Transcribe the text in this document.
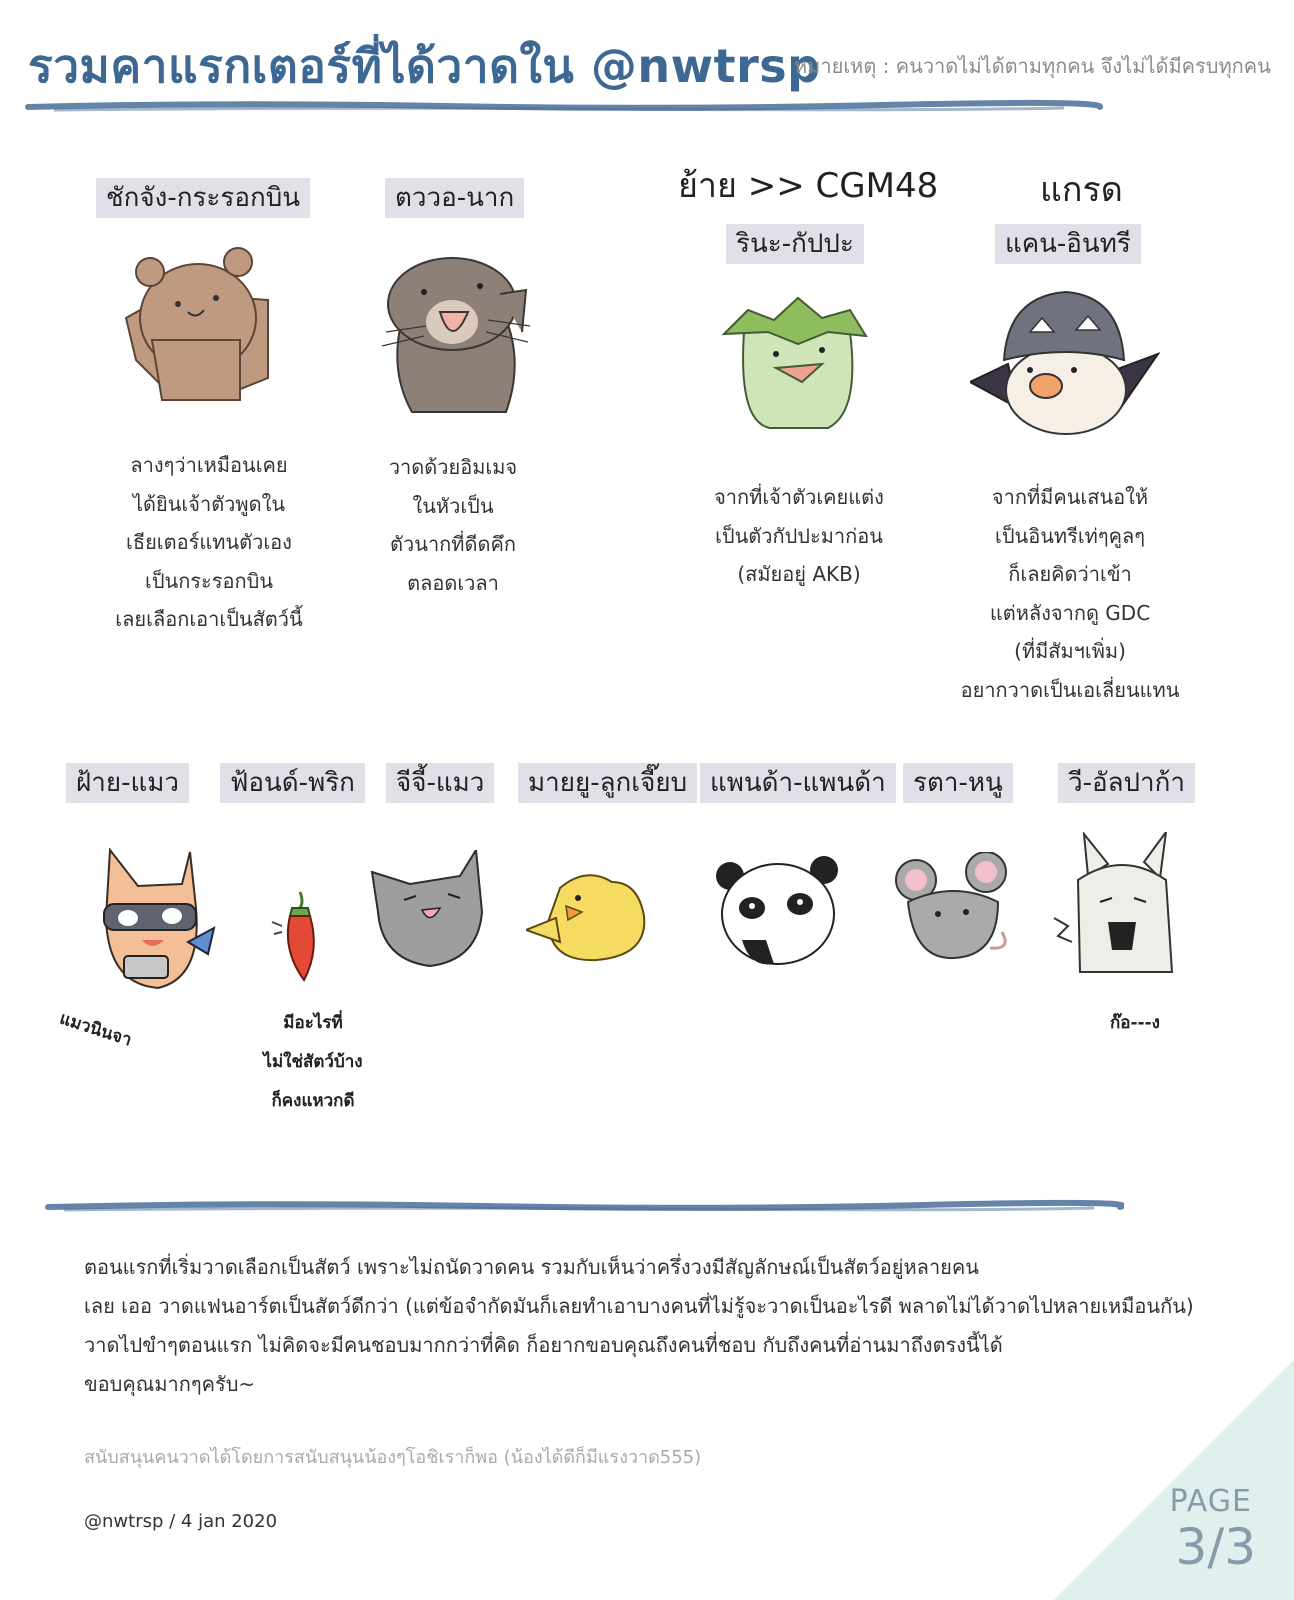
รวมคาแรกเตอร์ที่ได้วาดใน @nwtrsp
หมายเหตุ : คนวาดไม่ได้ตามทุกคน จึงไม่ได้มีครบทุกคน
ย้าย >> CGM48	แกรด
ชักจัง-กระรอกบิน	ตววอ-นาก
รินะ-กัปปะ	แคน-อินทรี
ลางๆว่าเหมือนเคย
ได้ยินเจ้าตัวพูดใน
เธียเตอร์แทนตัวเอง
เป็นกระรอกบิน
เลยเลือกเอาเป็นสัตว์นี้
วาดด้วยอิมเมจ
ในหัวเป็น
ตัวนากที่ดีดคึก
ตลอดเวลา
จากที่เจ้าตัวเคยแต่ง
เป็นตัวกัปปะมาก่อน
(สมัยอยู่ AKB)
จากที่มีคนเสนอให้
เป็นอินทรีเท่ๆคูลๆ
ก็เลยคิดว่าเข้า
แต่หลังจากดู GDC
(ที่มีสัมฯเพิ่ม)
อยากวาดเป็นเอเลี่ยนแทน
ฝ้าย-แมว	ฟ้อนด์-พริก	จีจี้-แมว	มายยู-ลูกเจี๊ยบ แพนด้า-แพนด้า	รตา-หนู	วี-อัลปาก้า
แมวนินจา	มีอะไรที่
ไม่ใช่สัตว์บ้าง
ก็คงแหวกดี
ก๊อ---ง
ตอนแรกที่เริ่มวาดเลือกเป็นสัตว์ เพราะไม่ถนัดวาดคน รวมกับเห็นว่าครึ่งวงมีสัญลักษณ์เป็นสัตว์อยู่หลายคน
เลย เออ วาดแฟนอาร์ตเป็นสัตว์ดีกว่า (แต่ข้อจำกัดมันก็เลยทำเอาบางคนที่ไม่รู้จะวาดเป็นอะไรดี พลาดไม่ได้วาดไปหลายเหมือนกัน)
วาดไปขำๆตอนแรก ไม่คิดจะมีคนชอบมากกว่าที่คิด ก็อยากขอบคุณถึงคนที่ชอบ กับถึงคนที่อ่านมาถึงตรงนี้ได้
ขอบคุณมากๆครับ~
สนับสนุนคนวาดได้โดยการสนับสนุนน้องๆโอชิเราก็พอ (น้องได้ดีก็มีแรงวาด555)
@nwtrsp / 4 jan 2020
PAGE
3/3
